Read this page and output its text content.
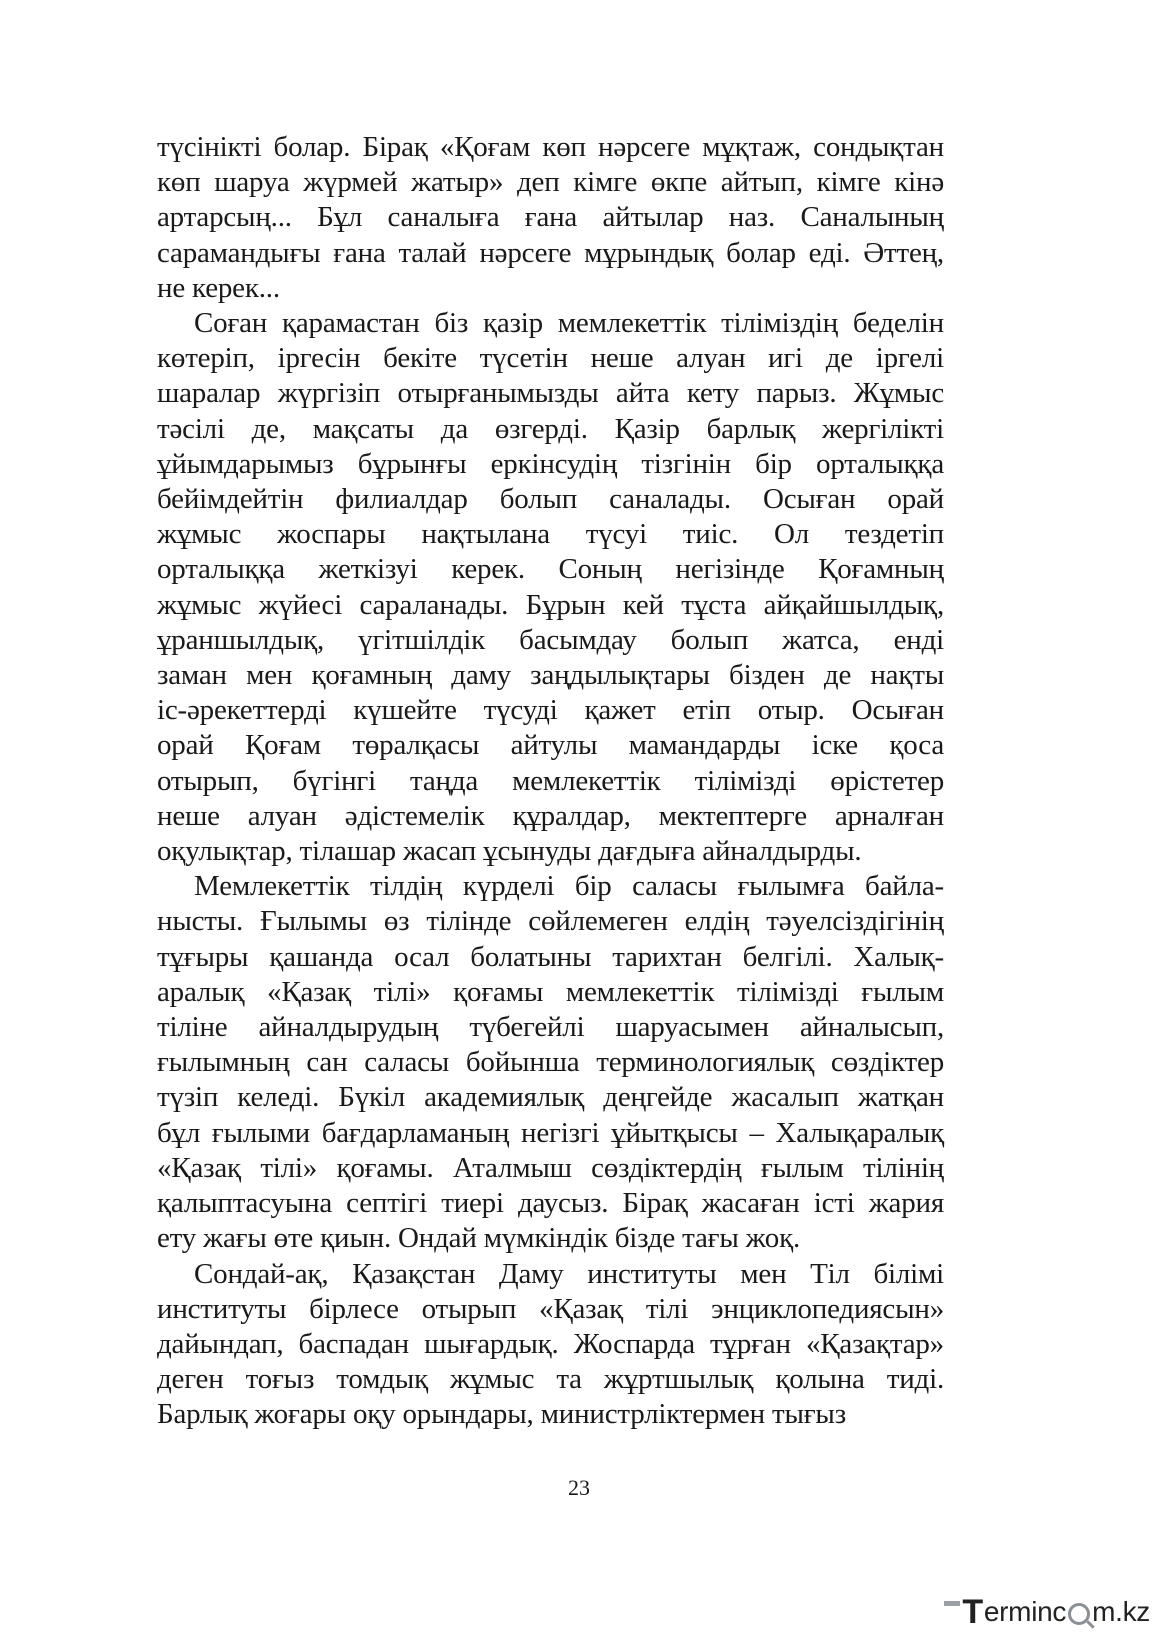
түсінікті болар. Бірақ «Қоғам көп нәрсеге мұқтаж, сондықтан
көп шаруа жүрмей жатыр» деп кімге өкпе айтып, кімге кінә
артарсың... Бұл саналыға ғана айтылар наз. Саналының
сарамандығы ғана талай нәрсеге мұрындық болар еді. Әттең,
не керек...
Соған қарамастан біз қазір мемлекеттік тіліміздің беделін
көтеріп, іргесін бекіте түсетін неше алуан игі де іргелі
шаралар жүргізіп отырғанымызды айта кету парыз. Жұмыс
тәсілі де, мақсаты да өзгерді. Қазір барлық жергілікті
ұйымдарымыз бұрынғы еркінсудің тізгінін бір орталыққа
бейімдейтін филиалдар болып саналады. Осыған орай
жұмыс жоспары нақтылана түсуі тиіс. Ол тездетіп
орталыққа жеткізуі керек. Соның негізінде Қоғамның
жұмыс жүйесі сараланады. Бұрын кей тұста айқайшылдық,
ұраншылдық, үгітшілдік басымдау болып жатса, енді
заман мен қоғамның даму заңдылықтары бізден де нақты
іс-әрекеттерді күшейте түсуді қажет етіп отыр. Осыған
орай Қоғам төралқасы айтулы мамандарды іске қоса
отырып, бүгінгі таңда мемлекеттік тілімізді өрістетер
неше алуан әдістемелік құралдар, мектептерге арналған
оқулықтар, тілашар жасап ұсынуды дағдыға айналдырды.
Мемлекеттік тілдің күрделі бір саласы ғылымға байла-
нысты. Ғылымы өз тілінде сөйлемеген елдің тәуелсіздігінің
тұғыры қашанда осал болатыны тарихтан белгілі. Халық-
аралық «Қазақ тілі» қоғамы мемлекеттік тілімізді ғылым
тіліне айналдырудың түбегейлі шаруасымен айналысып,
ғылымның сан саласы бойынша терминологиялық сөздіктер
түзіп келеді. Бүкіл академиялық деңгейде жасалып жатқан
бұл ғылыми бағдарламаның негізгі ұйытқысы – Халықаралық
«Қазақ тілі» қоғамы. Аталмыш сөздіктердің ғылым тілінің
қалыптасуына септігі тиері даусыз. Бірақ жасаған істі жария
ету жағы өте қиын. Ондай мүмкіндік бізде тағы жоқ.
Сондай-ақ, Қазақстан Даму институты мен Тіл білімі
институты бірлесе отырып «Қазақ тілі энциклопедиясын»
дайындап, баспадан шығардық. Жоспарда тұрған «Қазақтар»
деген тоғыз томдық жұмыс та жұртшылық қолына тиді.
Барлық жоғары оқу орындары, министрліктермен тығыз
23
T erminc m.kz
